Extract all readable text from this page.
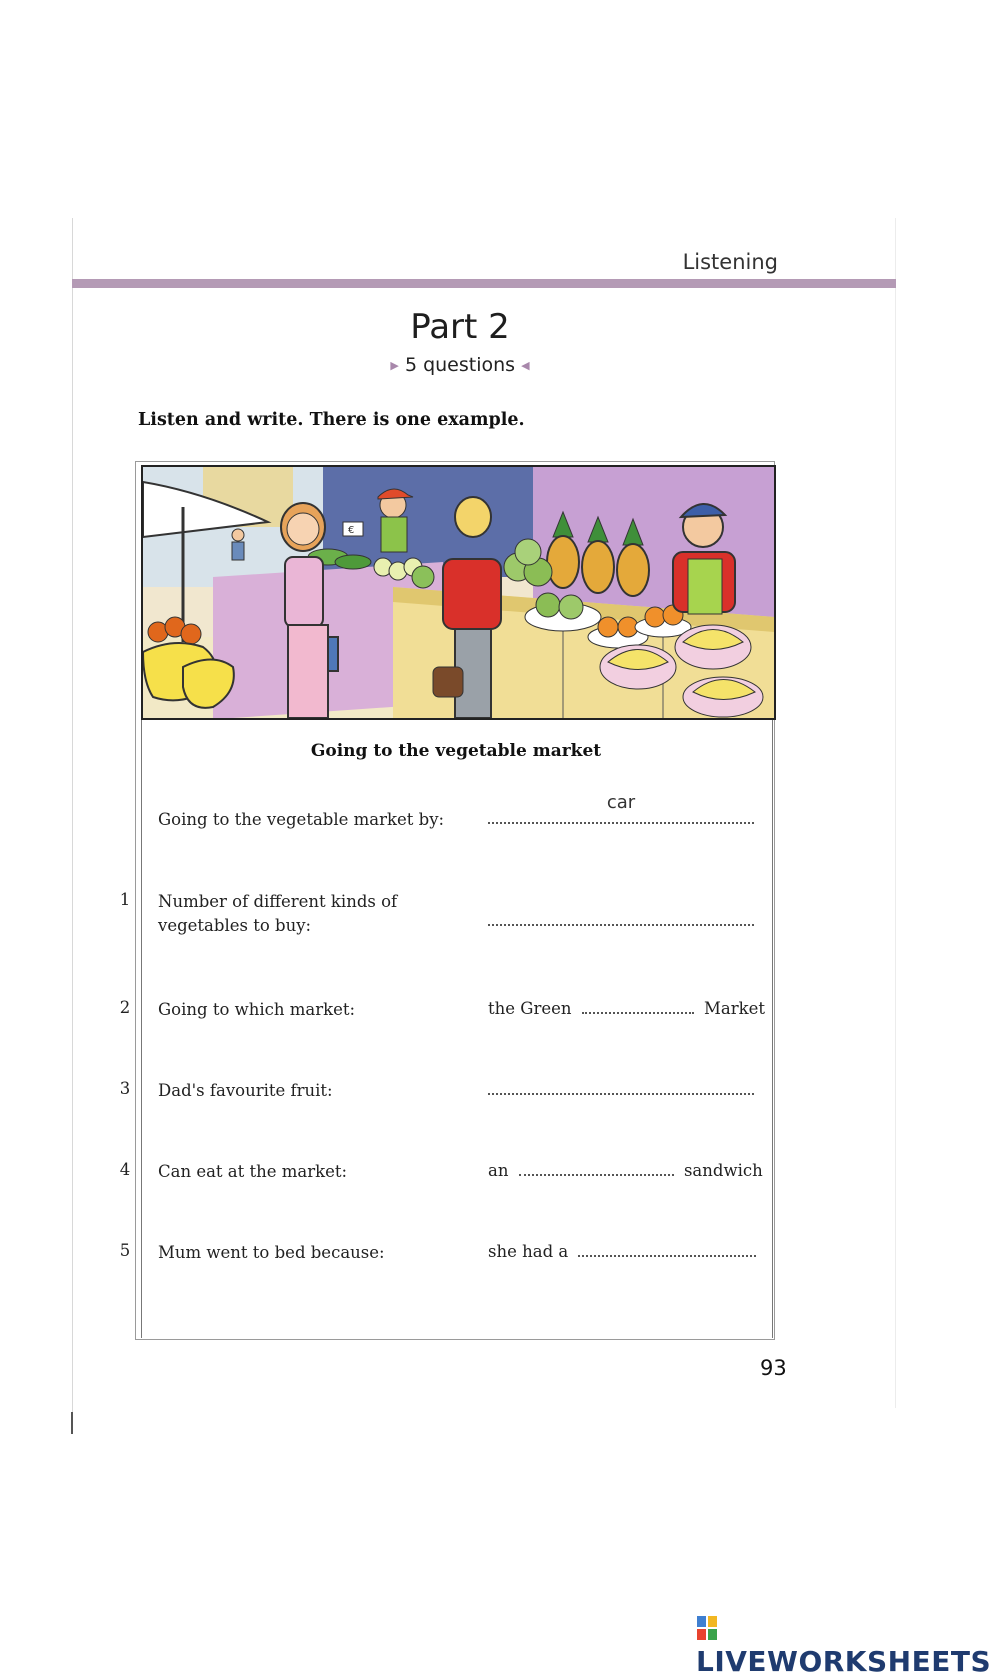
Listening
Part 2
▶ 5 questions ◀
Listen and write. There is one example.
€
Going to the vegetable market
Going to the vegetable market by:
car
1 Number of different kinds of vegetables to buy:
2 Going to which market:	the Green	Market
3 Dad's favourite fruit:
4 Can eat at the market:	an	sandwich
5 Mum went to bed because:	she had a
93
LIVEWORKSHEETS
